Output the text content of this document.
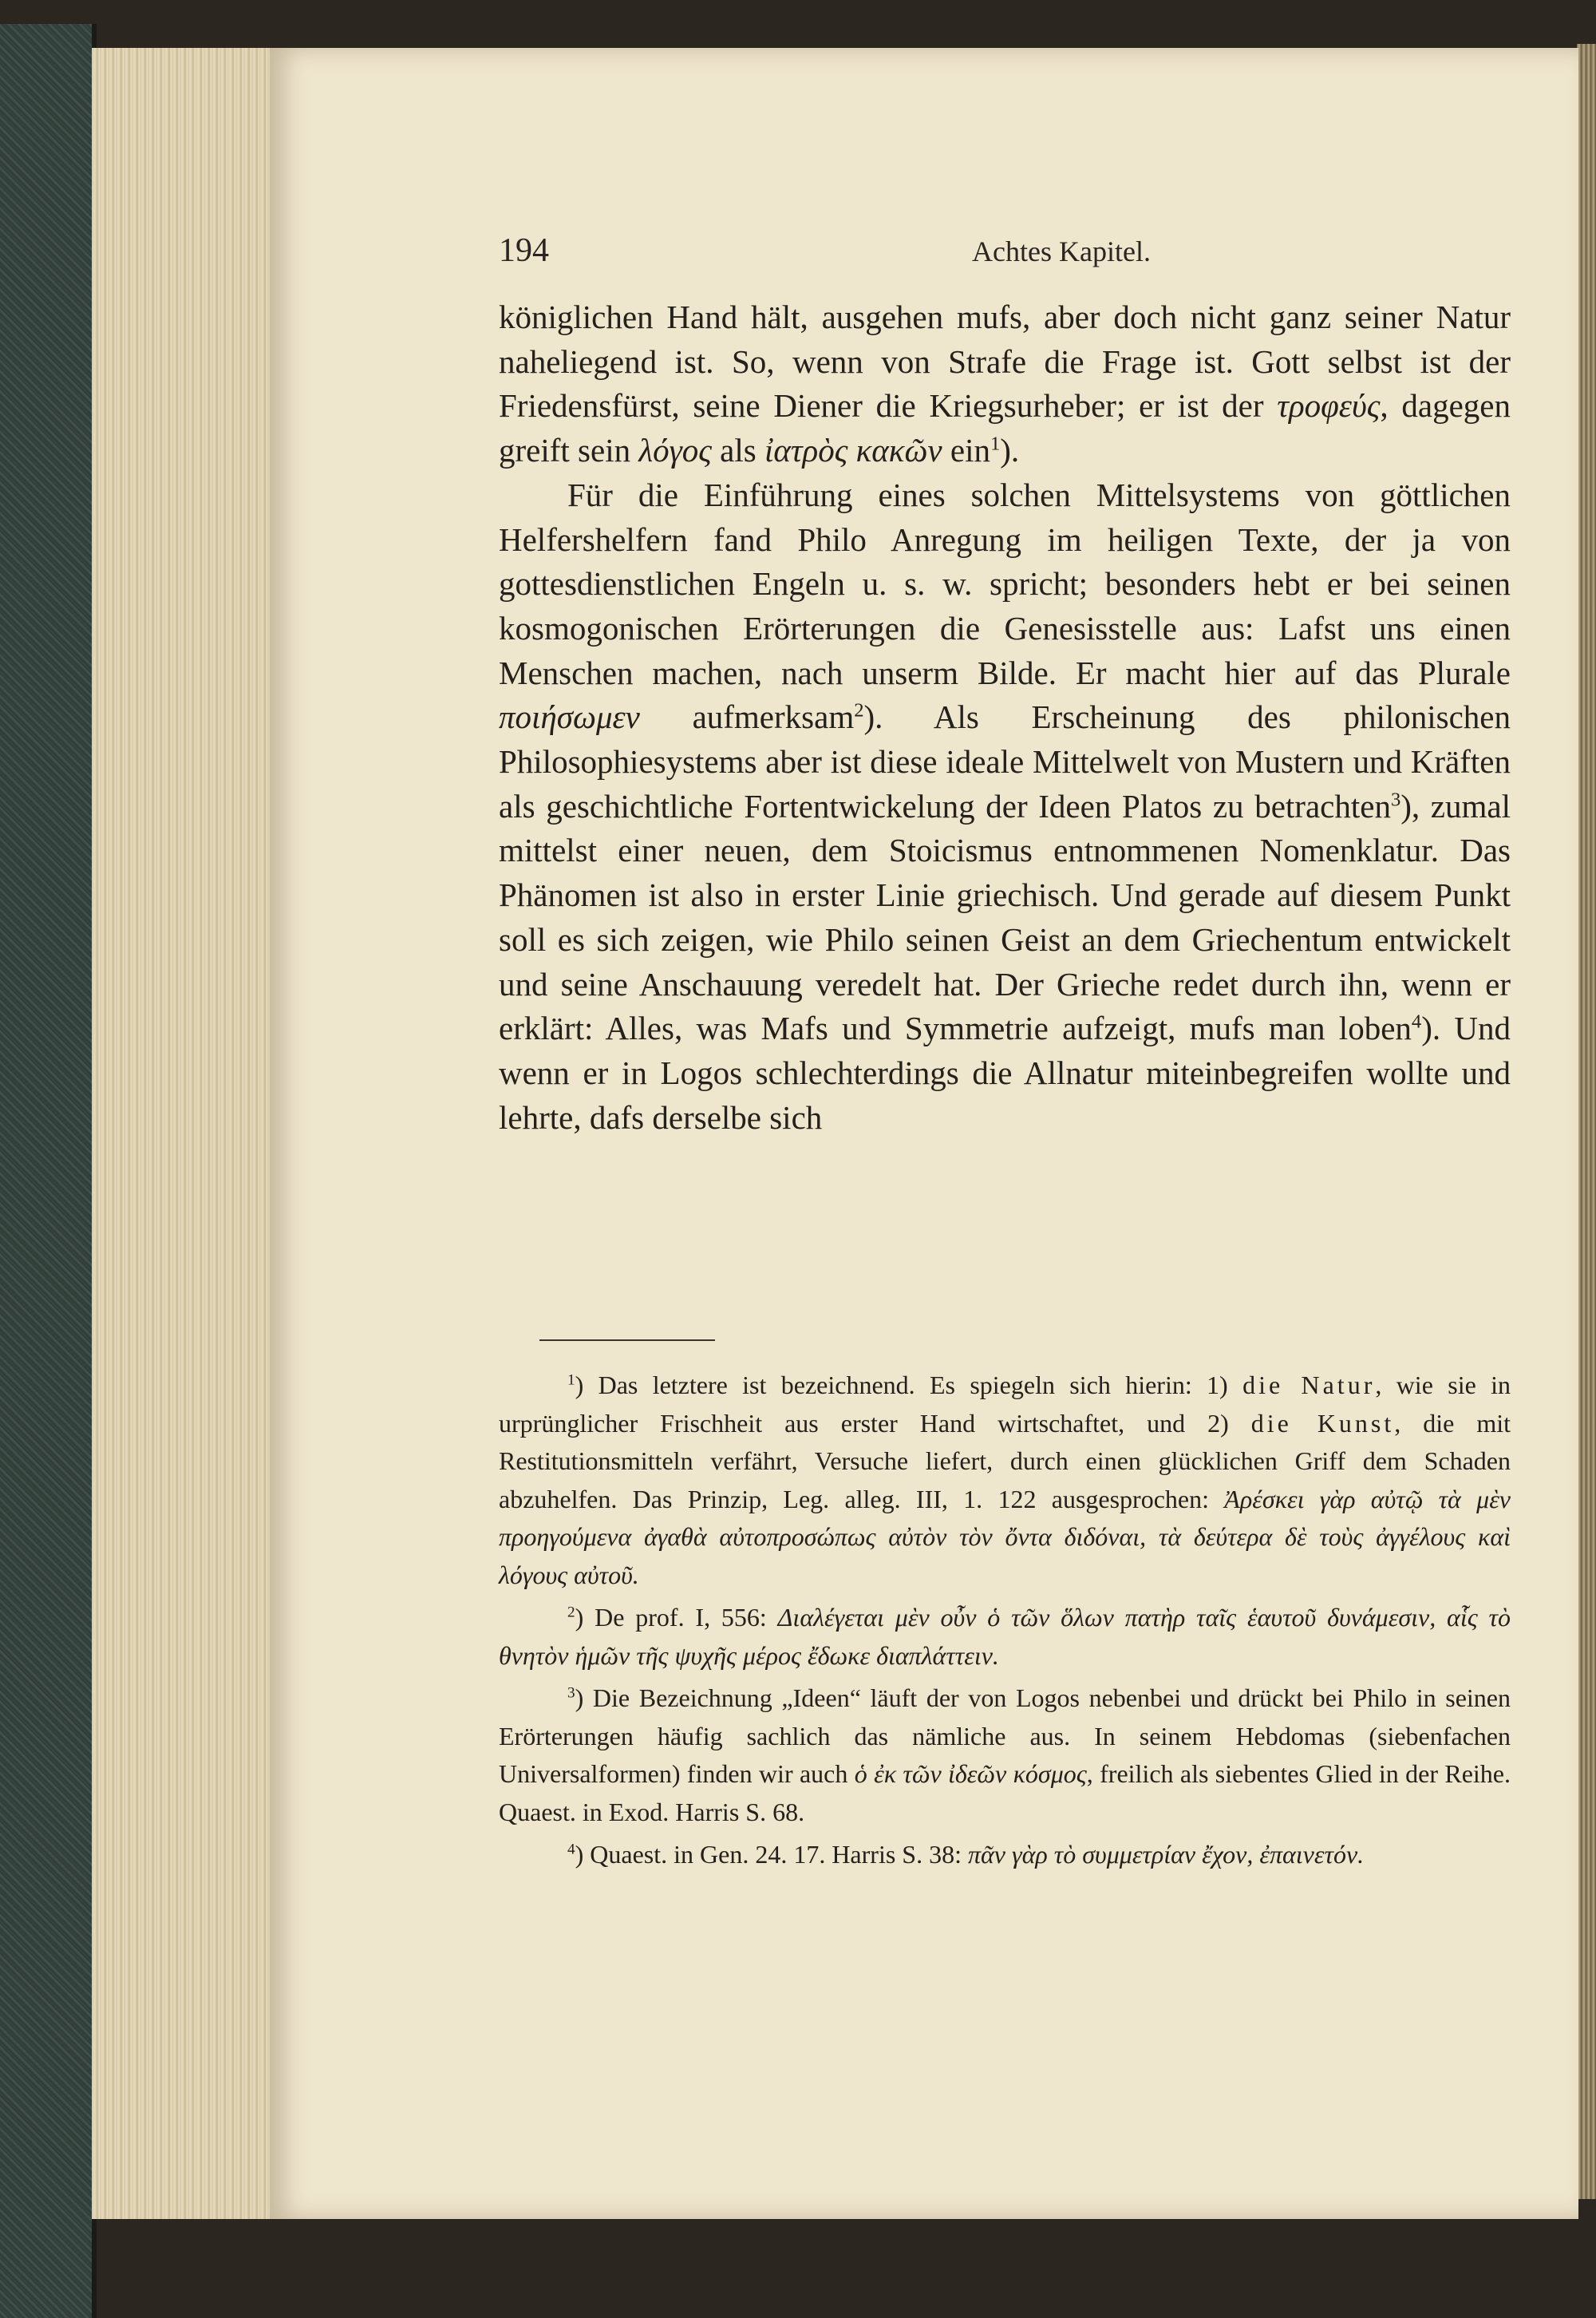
194	Achtes Kapitel.

königlichen Hand hält, ausgehen mufs, aber doch nicht ganz seiner Natur naheliegend ist. So, wenn von Strafe die Frage ist. Gott selbst ist der Friedensfürst, seine Diener die Kriegsurheber; er ist der τροφεύς, dagegen greift sein λόγος als ἰατρὸς κακῶν ein$^1$).

Für die Einführung eines solchen Mittelsystems von göttlichen Helfershelfern fand Philo Anregung im heiligen Texte, der ja von gottesdienstlichen Engeln u. s. w. spricht; besonders hebt er bei seinen kosmogonischen Erörterungen die Genesisstelle aus: Lafst uns einen Menschen machen, nach unserm Bilde. Er macht hier auf das Plurale ποιήσωμεν aufmerksam$^2$). Als Erscheinung des philonischen Philosophiesystems aber ist diese ideale Mittelwelt von Mustern und Kräften als geschichtliche Fortentwickelung der Ideen Platos zu betrachten$^3$), zumal mittelst einer neuen, dem Stoicismus entnommenen Nomenklatur. Das Phänomen ist also in erster Linie griechisch. Und gerade auf diesem Punkt soll es sich zeigen, wie Philo seinen Geist an dem Griechentum entwickelt und seine Anschauung veredelt hat. Der Grieche redet durch ihn, wenn er erklärt: Alles, was Mafs und Symmetrie aufzeigt, mufs man loben$^4$). Und wenn er in Logos schlechterdings die Allnatur miteinbegreifen wollte und lehrte, dafs derselbe sich

$^1$) Das letztere ist bezeichnend. Es spiegeln sich hierin: 1) die Natur, wie sie in urprünglicher Frischheit aus erster Hand wirtschaftet, und 2) die Kunst, die mit Restitutionsmitteln verfährt, Versuche liefert, durch einen glücklichen Griff dem Schaden abzuhelfen. Das Prinzip, Leg. alleg. III, 1. 122 ausgesprochen: Ἀρέσκει γὰρ αὐτῷ τὰ μὲν προηγούμενα ἀγαθὰ αὐτοπροσώπως αὐτὸν τὸν ὄντα διδόναι, τὰ δεύτερα δὲ τοὺς ἀγγέλους καὶ λόγους αὐτοῦ.

$^2$) De prof. I, 556: Διαλέγεται μὲν οὖν ὁ τῶν ὅλων πατὴρ ταῖς ἑαυτοῦ δυνάμεσιν, αἷς τὸ θνητὸν ἡμῶν τῆς ψυχῆς μέρος ἔδωκε διαπλάττειν.

$^3$) Die Bezeichnung „Ideen“ läuft der von Logos nebenbei und drückt bei Philo in seinen Erörterungen häufig sachlich das nämliche aus. In seinem Hebdomas (siebenfachen Universalformen) finden wir auch ὁ ἐκ τῶν ἰδεῶν κόσμος, freilich als siebentes Glied in der Reihe. Quaest. in Exod. Harris S. 68.

$^4$) Quaest. in Gen. 24. 17. Harris S. 38: πᾶν γὰρ τὸ συμμετρίαν ἔχον, ἐπαινετόν.
